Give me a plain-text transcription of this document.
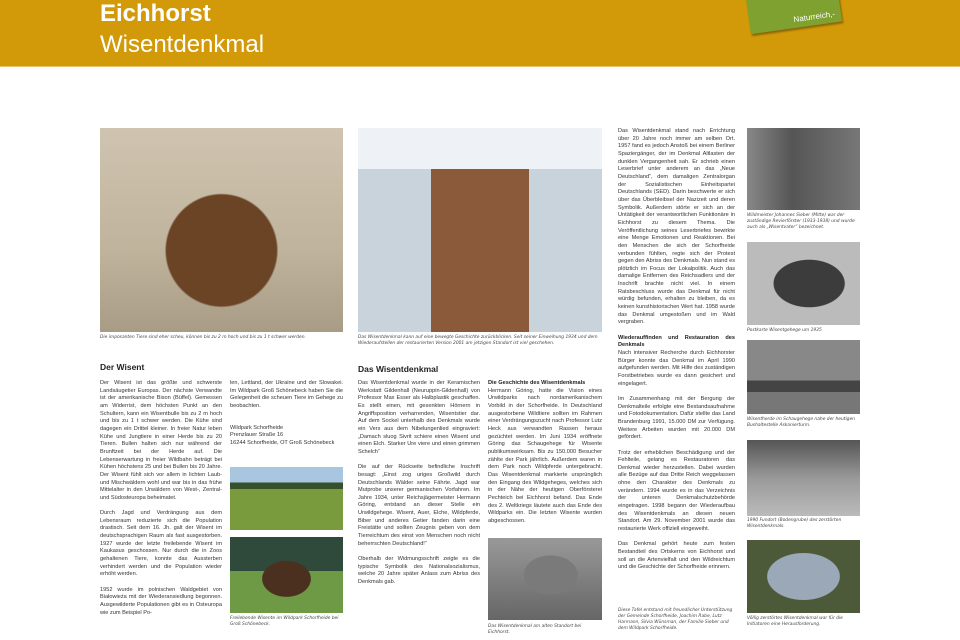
Eichhorst
Wisentdenkmal
Naturreich,-
Die imposanten Tiere sind eher scheu, können bis zu 2 m hoch und bis zu 1 t schwer werden.
Der Wisent

Der Wisent ist das größte und schwerste Landsäugetier Europas. Der nächste Verwandte ist der amerikanische Bison (Büffel). Gemessen am Widerrist, dem höchsten Punkt an den Schultern, kann ein Wisentbulle bis zu 2 m hoch und bis zu 1 t schwer werden. Die Kühe sind dagegen ein Drittel kleiner. In freier Natur leben Kühe und Jungtiere in einer Herde bis zu 20 Tieren. Bullen halten sich nur während der Brunftzeit bei der Herde auf. Die Lebenserwartung in freier Wildbahn beträgt bei Kühen höchstens 25 und bei Bullen bis 20 Jahre. Der Wisent fühlt sich vor allem in lichten Laub- und Mischwäldern wohl und war bis in das frühe Mittelalter in den Urwäldern von West-, Zentral- und Südosteuropa beheimatet.

Durch Jagd und Verdrängung aus dem Lebensraum reduzierte sich die Population drastisch. Seit dem 16. Jh. galt der Wisent im deutschsprachigen Raum als fast ausgestorben. 1927 wurde der letzte freilebende Wisent im Kaukasus geschossen. Nur durch die in Zoos gehaltenen Tiere, konnte das Aussterben verhindert werden und die Population wieder erhöht werden.

1952 wurde im polnischen Waldgebiet von Białowieża mit der Wiederansiedlung begonnen. Ausgewilderte Populationen gibt es in Osteuropa wie zum Beispiel Po-

len, Lettland, der Ukraine und der Slowakei. Im Wildpark Groß Schönebeck haben Sie die Gelegenheit die scheuen Tiere im Gehege zu beobachten.

Wildpark Schorfheide
Prenzlauer Straße 16
16244 Schorfheide, OT Groß Schönebeck
Freilebende Wisente im Wildpark Schorfheide bei Groß Schönebeck.
Das Wisentdenkmal kann auf eine bewegte Geschichte zurückblicken. Seit seiner Einweihung 1934 und dem Wiederaufstellen der restaurierten Version 2001 am jetzigen Standort ist viel geschehen.
Das Wisentdenkmal

Das Wisentdenkmal wurde in der Keramischen Werkstatt Gildenhall (Neuruppin-Gildenhall) von Professor Max Esser als Halbplastik geschaffen. Es stellt einen, mit gesenkten Hörnern in Angriffsposition verharrenden, Wisentstier dar. Auf dem Sockel unterhalb des Denkmals wurde ein Vers aus dem Nibelungenlied eingraviert: „Damach sluog Sivrit schiere einen Wisent und einen Elch. Starker Ure viere und einen grimmen Schelch“

Die auf der Rückseite befindliche Inschrift besagt: „Einst zog uriges Großwild durch Deutschlands Wälder seine Fährte. Jagd war Mutprobe unserer germanischen Vorfahren. Im Jahre 1934, unter Reichsjägermeister Hermann Göring, entstand an dieser Stelle ein Urwildgehege. Wisent, Auer, Elche, Wildpferde, Biber und anderes Getier fanden darin eine Freistätte und sollten Zeugnis geben von dem Tierreichtum des einst von Menschen noch nicht beherrschten Deutschland!“

Oberhalb der Widmungsschrift zeigte es die typische Symbolik des Nationalsozialismus, welche 20 Jahre später Anlass zum Abriss des Denkmals gab.

Die Geschichte des Wisentdenkmals

Hermann Göring, hatte die Vision eines Urwildparks nach nordamerikanischem Vorbild in der Schorfheide. In Deutschland ausgestorbene Wildtiere sollten im Rahmen einer Verdrängungszucht nach Professor Lutz Heck aus verwandten Rassen heraus gezüchtet werden. Im Juni 1934 eröffnete Göring das Schaugehege für Wisente publikumswirksam. Bis zu 150.000 Besucher zählte der Park jährlich. Außerdem waren in dem Park noch Wildpferde untergebracht. Das Wisentdenkmal markierte ursprünglich den Eingang des Wildgeheges, welches sich in der Nähe der heutigen Oberförsterei Pechteich bei Eichhorst befand. Das Ende des 2. Weltkriegs läutete auch das Ende des Wildparks ein. Die letzten Wisente wurden abgeschossen.

Das Wisentdenkmal am alten Standort bei Eichhorst.

Das Wisentdenkmal stand nach Errichtung über 20 Jahre noch immer am selben Ort. 1957 fand es jedoch Anstoß bei einem Berliner Spaziergänger, der im Denkmal Altlasten der dunklen Vergangenheit sah. Er schrieb einen Leserbrief unter anderem an das „Neue Deutschland“, dem damaligen Zentralorgan der Sozialistischen Einheitspartei Deutschlands (SED). Darin beschwerte er sich über das Überbleibsel der Nazizeit und deren Symbolik. Außerdem störte er sich an der Untätigkeit der verantwortlichen Funktionäre in Eichhorst zu diesem Thema. Die Veröffentlichung seines Leserbriefes bewirkte eine Menge Emotionen und Reaktionen. Bei den Menschen die sich der Schorfheide verbunden fühlten, regte sich der Protest gegen den Abriss des Denkmals. Nun stand es plötzlich im Focus der Lokalpolitik. Auch das damalige Entfernen des Reichsadlers und der Inschrift brachte nicht viel. In einem Ratsbeschluss wurde das Denkmal für nicht würdig befunden, erhalten zu bleiben, da es keinen kunsthistorischen Wert hat. 1958 wurde das Denkmal umgestoßen und im Wald vergraben.

Wiederauffinden und Restauration des Denkmals

Nach intensiver Recherche durch Eichhorster Bürger konnte das Denkmal im April 1990 aufgefunden werden. Mit Hilfe des zuständigen Forstbetriebes wurde es dann gesichert und eingelagert.

Im Zusammenhang mit der Bergung der Denkmalteile erfolgte eine Bestandsaufnahme und Fotodokumentation. Dafür stellte das Land Brandenburg 1991, 15.000 DM zur Verfügung. Weitere Arbeiten wurden mit 20.000 DM gefördert.

Trotz der erheblichen Beschädigung und der Fehlteile, gelang es Restauratoren das Denkmal wieder herzustellen. Dabei wurden alle Bezüge auf das Dritte Reich weggelassen ohne den Charakter des Denkmals zu verändern. 1994 wurde es in das Verzeichnis der unteren Denkmalschutzbehörde eingetragen. 1998 begann der Wiederaufbau des Wisentdenkmals an diesen neuen Standort. Am 29. November 2001 wurde das restaurierte Werk offiziell eingeweiht.

Das Denkmal gehört heute zum festen Bestandteil des Ortskerns von Eichhorst und soll an die Artenvielfalt und den Wildreichtum und die Geschichte der Schorfheide erinnern.

Diese Tafel entstand mit freundlicher Unterstützung der Gemeinde Schorfheide, Joachim Rabe, Lutz Harmann, Silvia Wünsman, der Familie Sieber und dem Wildpark Schorfheide.
Wildmeister Johannes Sieber (Mitte) war der zuständige Revierförster (1933-1938) und wurde auch als „Wisentvater“ bezeichnet.
Postkarte Wisentgehege um 1935
Wisentherde im Schaugehege nahe der heutigen Bushaltestelle Askanierturm.
1990 Fundort (Bodengrube) des zerstörten Wisentdenkmals.
Völlig zerstörtes Wisentdenkmal war für die Initiatoren eine Herausforderung.
